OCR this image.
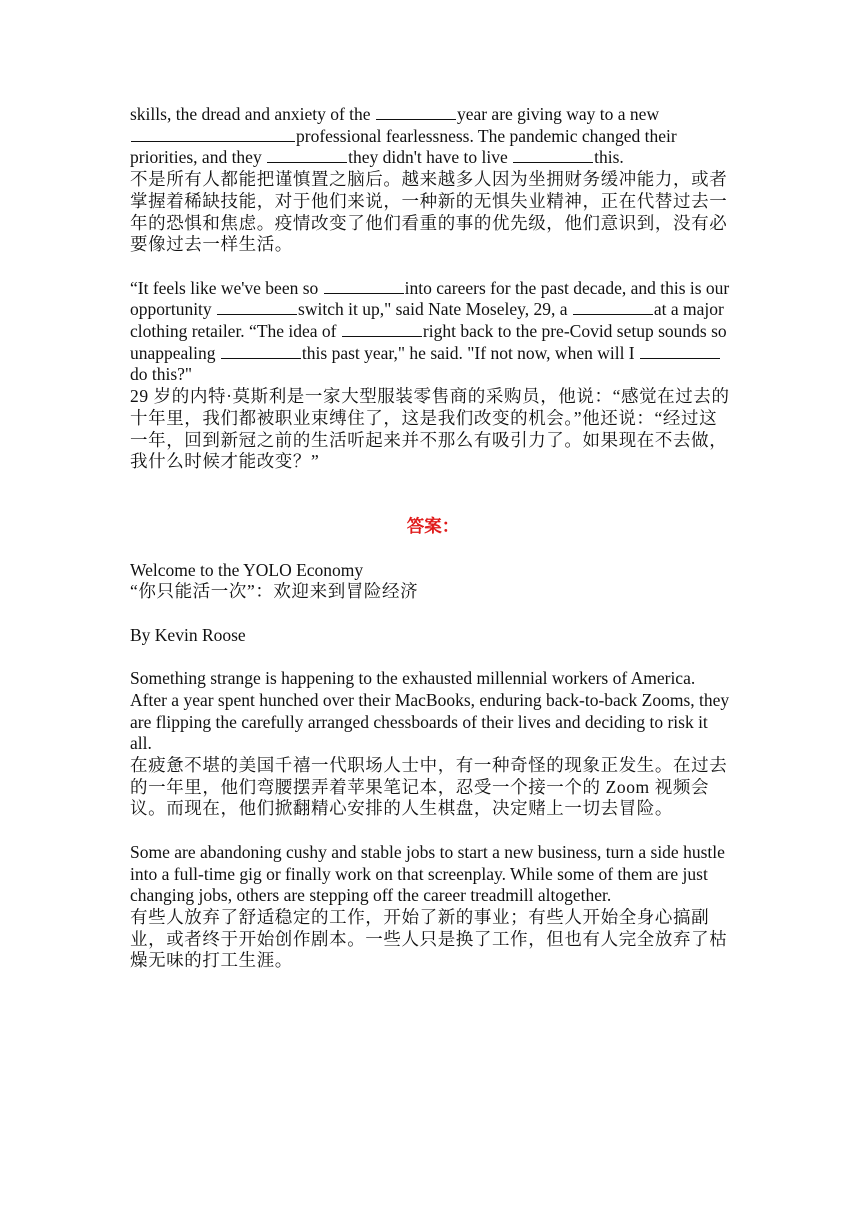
skills, the dread and anxiety of the	year are giving way to a new professional fearlessness. The pandemic changed their priorities, and they	they didn't have to live	this.

不是所有人都能把谨慎置之脑后。越来越多人因为坐拥财务缓冲能力，或者掌握着稀缺技能，对于他们来说，一种新的无惧失业精神，正在代替过去一年的恐惧和焦虑。疫情改变了他们看重的事的优先级，他们意识到，没有必要像过去一样生活。

“It feels like we've been so	into careers for the past decade, and this is our opportunity	switch it up," said Nate Moseley, 29, a	at a major clothing retailer. “The idea of	right back to the pre-Covid setup sounds so unappealing	this past year," he said. "If not now, when will I do this?"

29 岁的内特·莫斯利是一家大型服装零售商的采购员，他说：“感觉在过去的十年里，我们都被职业束缚住了，这是我们改变的机会。”他还说：“经过这一年，回到新冠之前的生活听起来并不那么有吸引力了。如果现在不去做，我什么时候才能改变？”

答案：

Welcome to the YOLO Economy

“你只能活一次”：欢迎来到冒险经济

By Kevin Roose

Something strange is happening to the exhausted millennial workers of America. After a year spent hunched over their MacBooks, enduring back-to-back Zooms, they are flipping the carefully arranged chessboards of their lives and deciding to risk it all.

在疲惫不堪的美国千禧一代职场人士中，有一种奇怪的现象正发生。在过去的一年里，他们弯腰摆弄着苹果笔记本，忍受一个接一个的 Zoom 视频会议。而现在，他们掀翻精心安排的人生棋盘，决定赌上一切去冒险。

Some are abandoning cushy and stable jobs to start a new business, turn a side hustle into a full-time gig or finally work on that screenplay. While some of them are just changing jobs, others are stepping off the career treadmill altogether.

有些人放弃了舒适稳定的工作，开始了新的事业；有些人开始全身心搞副业，或者终于开始创作剧本。一些人只是换了工作，但也有人完全放弃了枯燥无味的打工生涯。
